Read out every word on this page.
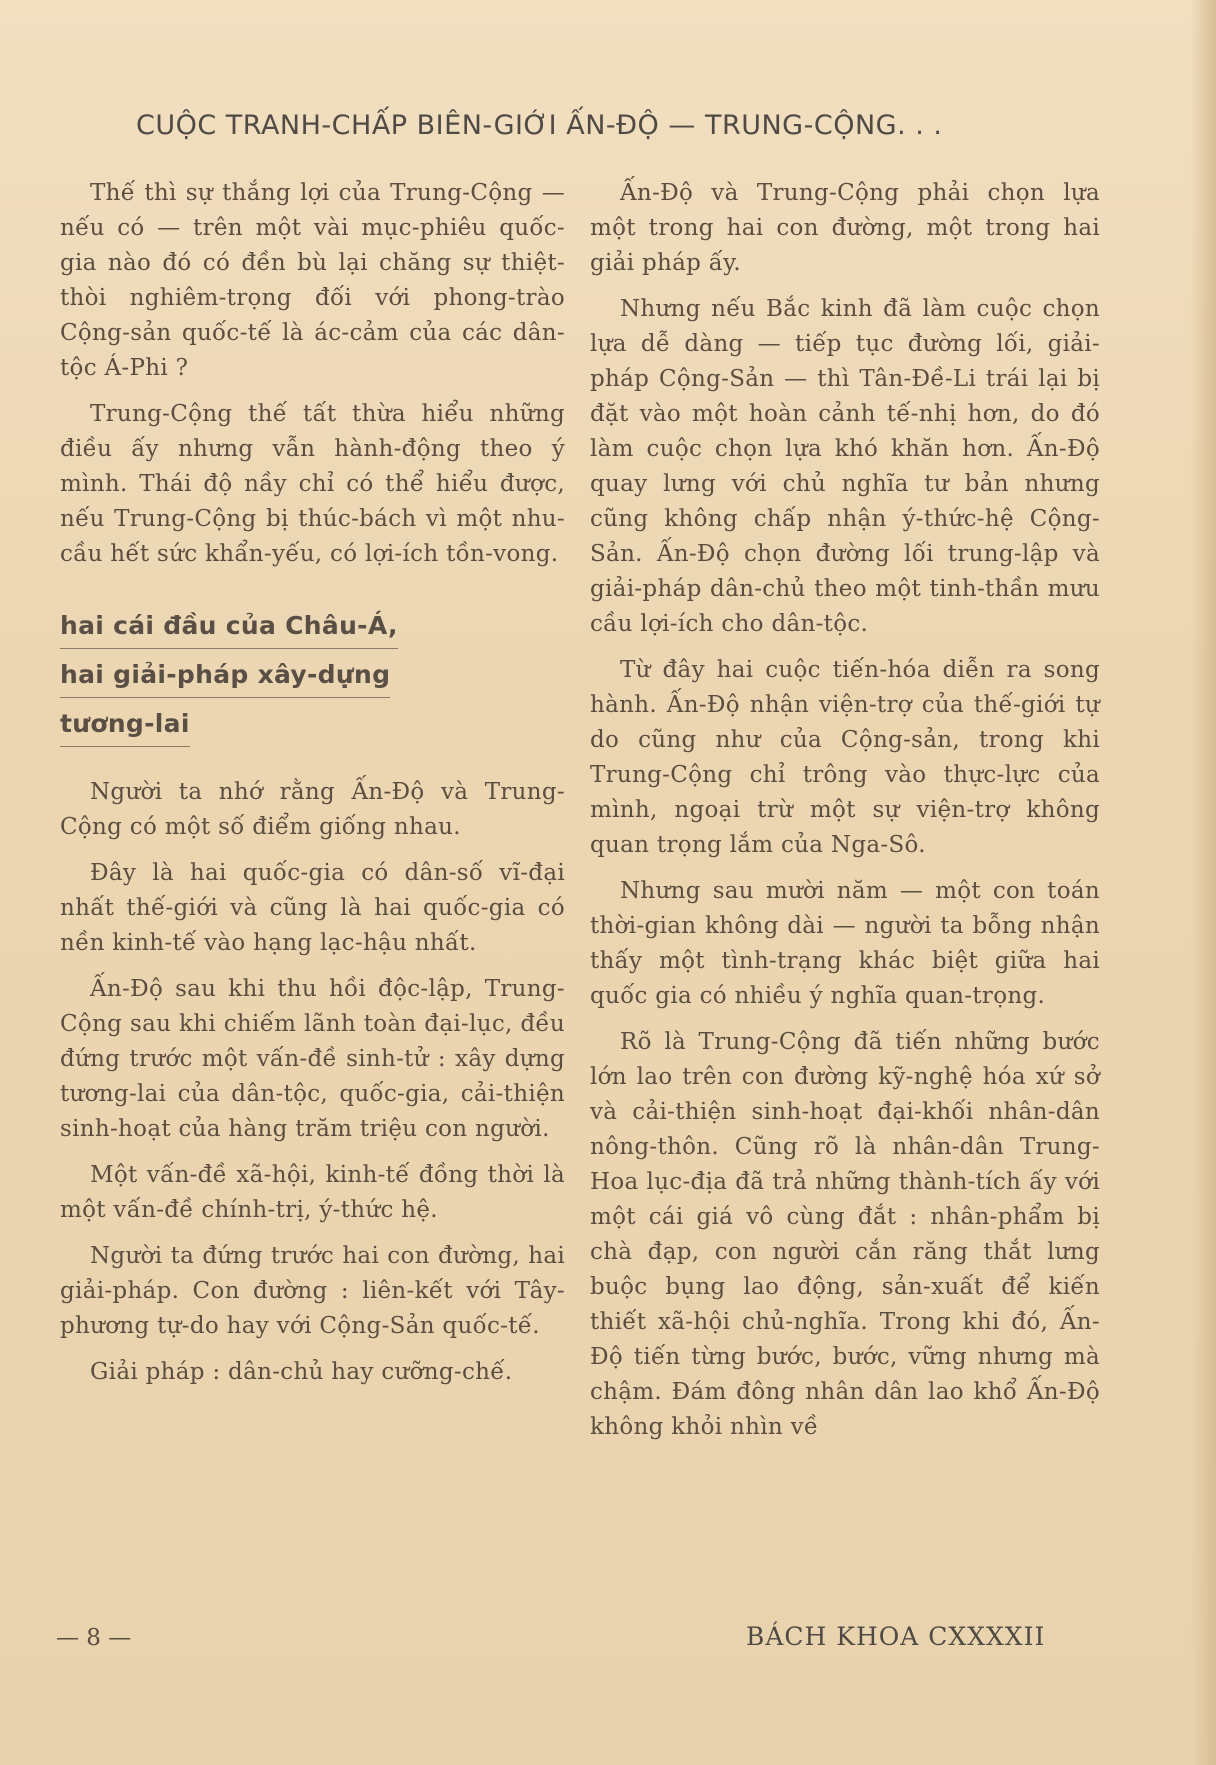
CUỘC TRANH-CHẤP BIÊN-GIỚI ẤN-ĐỘ — TRUNG-CỘNG. . .

Thế thì sự thắng lợi của Trung-Cộng — nếu có — trên một vài mục-phiêu quốc-gia nào đó có đền bù lại chăng sự thiệt-thòi nghiêm-trọng đối với phong-trào Cộng-sản quốc-tế là ác-cảm của các dân-tộc Á-Phi ?

Trung-Cộng thế tất thừa hiểu những điều ấy nhưng vẫn hành-động theo ý mình. Thái độ nầy chỉ có thể hiểu được, nếu Trung-Cộng bị thúc-bách vì một nhu-cầu hết sức khẩn-yếu, có lợi-ích tồn-vong.

hai cái đầu của Châu-Á,
hai giải-pháp xây-dựng
tương-lai

Người ta nhớ rằng Ấn-Độ và Trung-Cộng có một số điểm giống nhau.

Đây là hai quốc-gia có dân-số vĩ-đại nhất thế-giới và cũng là hai quốc-gia có nền kinh-tế vào hạng lạc-hậu nhất.

Ấn-Độ sau khi thu hồi độc-lập, Trung-Cộng sau khi chiếm lãnh toàn đại-lục, đều đứng trước một vấn-đề sinh-tử : xây dựng tương-lai của dân-tộc, quốc-gia, cải-thiện sinh-hoạt của hàng trăm triệu con người.

Một vấn-đề xã-hội, kinh-tế đồng thời là một vấn-đề chính-trị, ý-thức hệ.

Người ta đứng trước hai con đường, hai giải-pháp. Con đường : liên-kết với Tây-phương tự-do hay với Cộng-Sản quốc-tế.

Giải pháp : dân-chủ hay cưỡng-chế.

Ấn-Độ và Trung-Cộng phải chọn lựa một trong hai con đường, một trong hai giải pháp ấy.

Nhưng nếu Bắc kinh đã làm cuộc chọn lựa dễ dàng — tiếp tục đường lối, giải-pháp Cộng-Sản — thì Tân-Đề-Li trái lại bị đặt vào một hoàn cảnh tế-nhị hơn, do đó làm cuộc chọn lựa khó khăn hơn. Ấn-Độ quay lưng với chủ nghĩa tư bản nhưng cũng không chấp nhận ý-thức-hệ Cộng-Sản. Ấn-Độ chọn đường lối trung-lập và giải-pháp dân-chủ theo một tinh-thần mưu cầu lợi-ích cho dân-tộc.

Từ đây hai cuộc tiến-hóa diễn ra song hành. Ấn-Độ nhận viện-trợ của thế-giới tự do cũng như của Cộng-sản, trong khi Trung-Cộng chỉ trông vào thực-lực của mình, ngoại trừ một sự viện-trợ không quan trọng lắm của Nga-Sô.

Nhưng sau mười năm — một con toán thời-gian không dài — người ta bỗng nhận thấy một tình-trạng khác biệt giữa hai quốc gia có nhiều ý nghĩa quan-trọng.

Rõ là Trung-Cộng đã tiến những bước lớn lao trên con đường kỹ-nghệ hóa xứ sở và cải-thiện sinh-hoạt đại-khối nhân-dân nông-thôn. Cũng rõ là nhân-dân Trung-Hoa lục-địa đã trả những thành-tích ấy với một cái giá vô cùng đắt : nhân-phẩm bị chà đạp, con người cắn răng thắt lưng buộc bụng lao động, sản-xuất để kiến thiết xã-hội chủ-nghĩa. Trong khi đó, Ấn-Độ tiến từng bước, bước, vững nhưng mà chậm. Đám đông nhân dân lao khổ Ấn-Độ không khỏi nhìn về

— 8 —	BÁCH KHOA CXXXXII
